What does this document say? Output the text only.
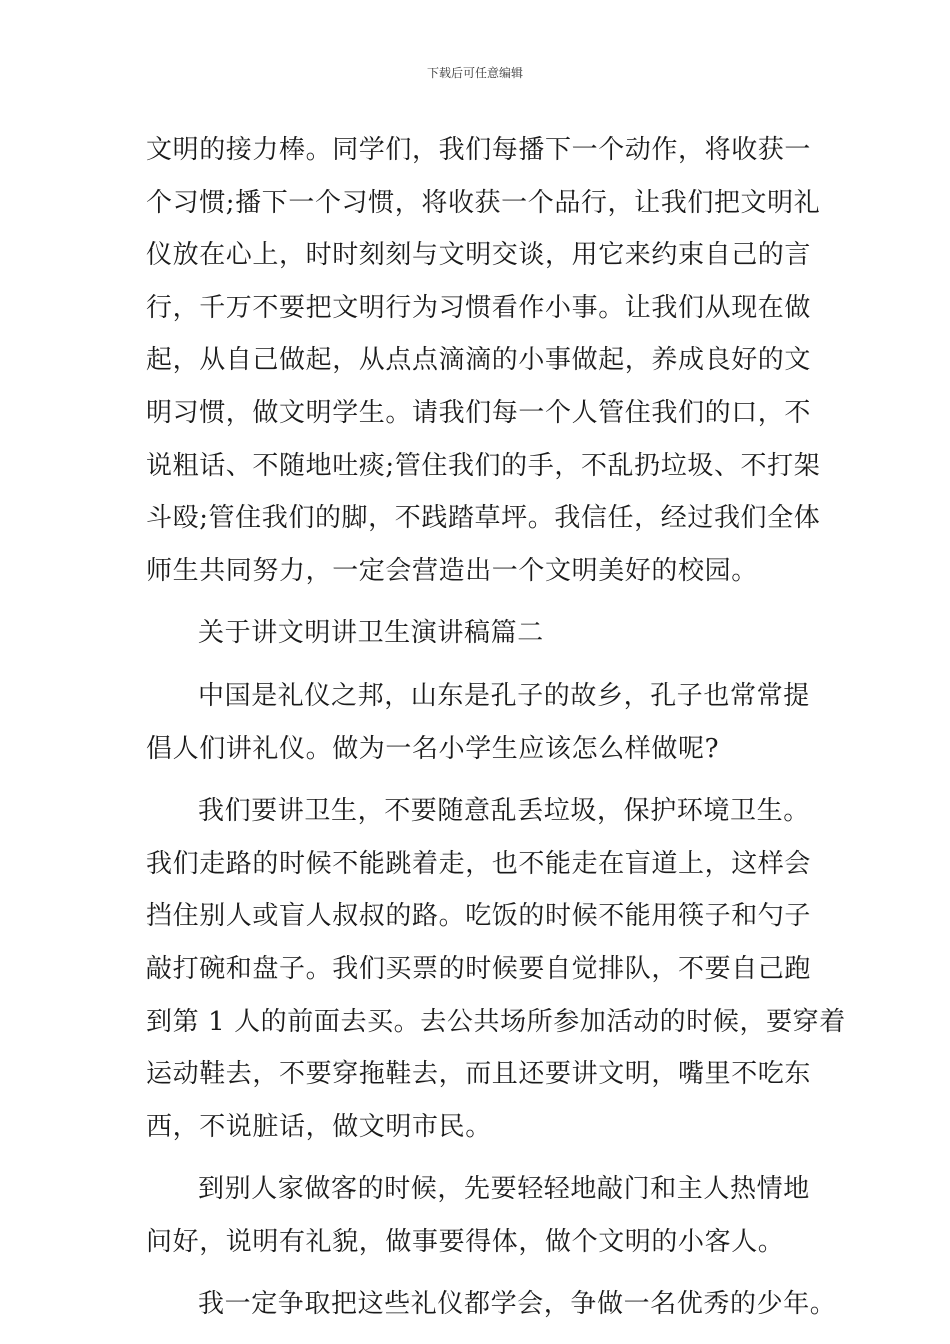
下载后可任意编辑
文明的接力棒。同学们，我们每播下一个动作，将收获一
个习惯;播下一个习惯，将收获一个品行，让我们把文明礼
仪放在心上，时时刻刻与文明交谈，用它来约束自己的言
行，千万不要把文明行为习惯看作小事。让我们从现在做
起，从自己做起，从点点滴滴的小事做起，养成良好的文
明习惯，做文明学生。请我们每一个人管住我们的口，不
说粗话、不随地吐痰;管住我们的手，不乱扔垃圾、不打架
斗殴;管住我们的脚，不践踏草坪。我信任，经过我们全体
师生共同努力，一定会营造出一个文明美好的校园。
关于讲文明讲卫生演讲稿篇二
中国是礼仪之邦，山东是孔子的故乡，孔子也常常提
倡人们讲礼仪。做为一名小学生应该怎么样做呢?
我们要讲卫生，不要随意乱丢垃圾，保护环境卫生。
我们走路的时候不能跳着走，也不能走在盲道上，这样会
挡住别人或盲人叔叔的路。吃饭的时候不能用筷子和勺子
敲打碗和盘子。我们买票的时候要自觉排队，不要自己跑
到第 1 人的前面去买。去公共场所参加活动的时候，要穿着
运动鞋去，不要穿拖鞋去，而且还要讲文明，嘴里不吃东
西，不说脏话，做文明市民。
到别人家做客的时候，先要轻轻地敲门和主人热情地
问好，说明有礼貌，做事要得体，做个文明的小客人。
我一定争取把这些礼仪都学会，争做一名优秀的少年。
